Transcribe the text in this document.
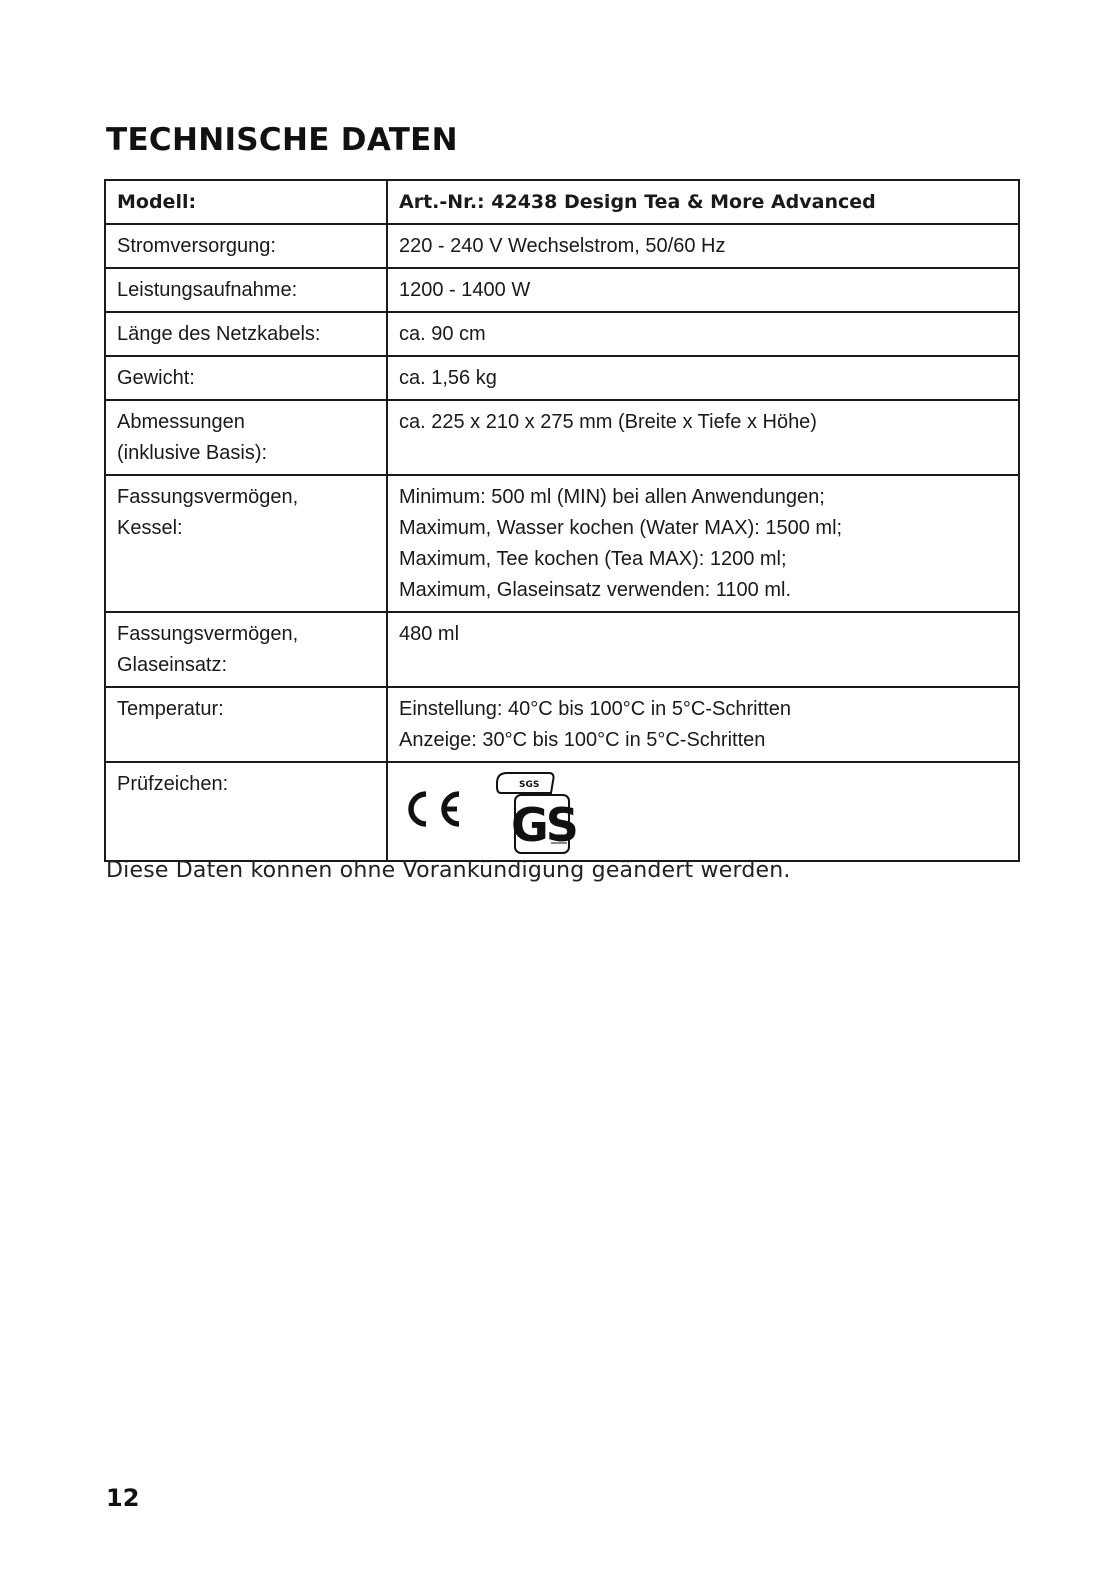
TECHNISCHE DATEN
Modell:	Art.-Nr.: 42438 Design Tea & More Advanced

Stromversorgung:	220 - 240 V Wechselstrom, 50/60 Hz

Leistungsaufnahme:	1200 - 1400 W

Länge des Netzkabels:	ca. 90 cm

Gewicht:	ca. 1,56 kg

Abmessungen
(inklusive Basis):	ca. 225 x 210 x 275 mm (Breite x Tiefe x Höhe)

Fassungsvermögen,
Kessel:	Minimum: 500 ml (MIN) bei allen Anwendungen;
Maximum, Wasser kochen (Water MAX): 1500 ml;
Maximum, Tee kochen (Tea MAX): 1200 ml;
Maximum, Glaseinsatz verwenden: 1100 ml.

Fassungsvermögen,
Glaseinsatz:	480 ml

Temperatur:	Einstellung: 40°C bis 100°C in 5°C-Schritten
Anzeige: 30°C bis 100°C in 5°C-Schritten

Prüfzeichen:	SGS
GS

Diese Daten können ohne Vorankündigung geändert werden.

12
